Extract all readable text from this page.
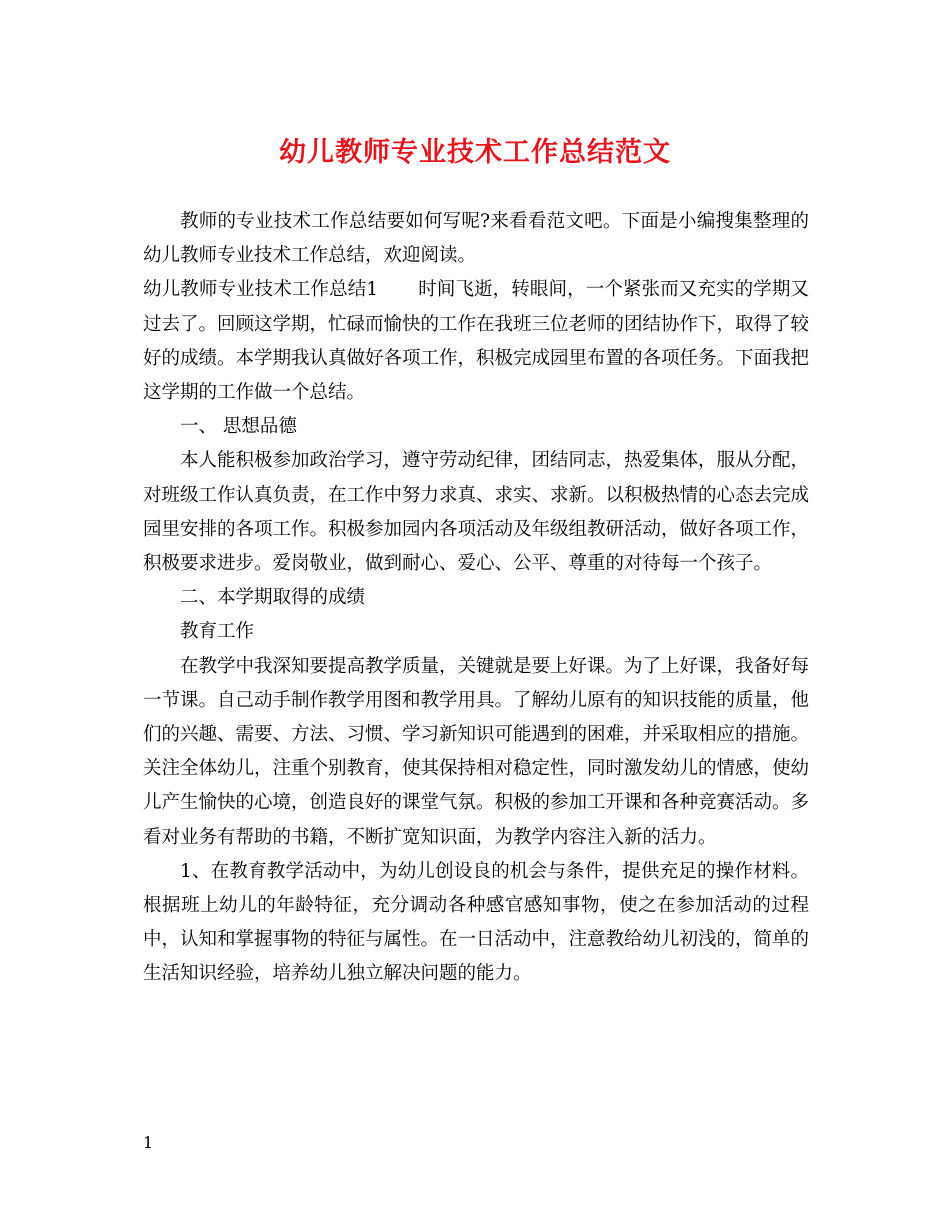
幼儿教师专业技术工作总结范文

教师的专业技术工作总结要如何写呢?来看看范文吧。下面是小编搜集整理的幼儿教师专业技术工作总结，欢迎阅读。

幼儿教师专业技术工作总结1 时间飞逝，转眼间，一个紧张而又充实的学期又过去了。回顾这学期，忙碌而愉快的工作在我班三位老师的团结协作下，取得了较好的成绩。本学期我认真做好各项工作，积极完成园里布置的各项任务。下面我把这学期的工作做一个总结。

一、 思想品德

本人能积极参加政治学习，遵守劳动纪律，团结同志，热爱集体，服从分配，对班级工作认真负责，在工作中努力求真、求实、求新。以积极热情的心态去完成园里安排的各项工作。积极参加园内各项活动及年级组教研活动，做好各项工作，积极要求进步。爱岗敬业，做到耐心、爱心、公平、尊重的对待每一个孩子。

二、本学期取得的成绩

教育工作

在教学中我深知要提高教学质量，关键就是要上好课。为了上好课，我备好每一节课。自己动手制作教学用图和教学用具。了解幼儿原有的知识技能的质量，他们的兴趣、需要、方法、习惯、学习新知识可能遇到的困难，并采取相应的措施。关注全体幼儿，注重个别教育，使其保持相对稳定性，同时激发幼儿的情感，使幼儿产生愉快的心境，创造良好的课堂气氛。积极的参加工开课和各种竞赛活动。多看对业务有帮助的书籍，不断扩宽知识面，为教学内容注入新的活力。

1、在教育教学活动中，为幼儿创设良的机会与条件，提供充足的操作材料。根据班上幼儿的年龄特征，充分调动各种感官感知事物，使之在参加活动的过程中，认知和掌握事物的特征与属性。在一日活动中，注意教给幼儿初浅的，简单的生活知识经验，培养幼儿独立解决问题的能力。

1
